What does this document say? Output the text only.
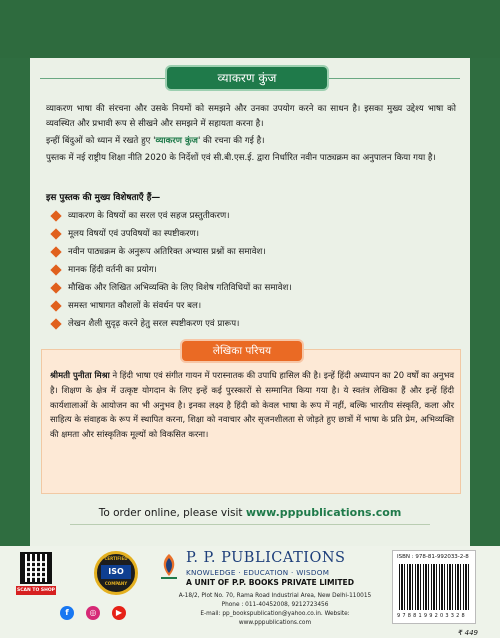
व्याकरण कुंज

व्याकरण भाषा की संरचना और उसके नियमों को समझने और उनका उपयोग करने का साधन है। इसका मुख्य उद्देश्य भाषा को व्यवस्थित और प्रभावी रूप से सीखने और समझने में सहायता करना है।

इन्हीं बिंदुओं को ध्यान में रखते हुए 'व्याकरण कुंज' की रचना की गई है।

पुस्तक में नई राष्ट्रीय शिक्षा नीति 2020 के निर्देशों एवं सी.बी.एस.ई. द्वारा निर्धारित नवीन पाठ्यक्रम का अनुपालन किया गया है।

इस पुस्तक की मुख्य विशेषताएँ हैं—
व्याकरण के विषयों का सरल एवं सहज प्रस्तुतीकरण।
मूलय विषयों एवं उपविषयों का स्पष्टीकरण।
नवीन पाठ्यक्रम के अनुरूप अतिरिक्त अभ्यास प्रश्नों का समावेश।
मानक हिंदी वर्तनी का प्रयोग।
मौखिक और लिखित अभिव्यक्ति के लिए विशेष गतिविधियों का समावेश।
समस्त भाषागत कौशलों के संवर्धन पर बल।
लेखन शैली सुदृढ़ करने हेतु सरल स्पष्टीकरण एवं प्रारूप।
लेखिका परिचय
श्रीमती पुनीता मिश्रा ने हिंदी भाषा एवं संगीत गायन में परास्नातक की उपाधि हासिल की है। इन्हें हिंदी अध्यापन का 20 वर्षों का अनुभव है। शिक्षण के क्षेत्र में उत्कृष्ट योगदान के लिए इन्हें कई पुरस्कारों से सम्मानित किया गया है। ये स्वतंत्र लेखिका हैं और इन्हें हिंदी कार्यशालाओं के आयोजन का भी अनुभव है। इनका लक्ष्य है हिंदी को केवल भाषा के रूप में नहीं, बल्कि भारतीय संस्कृति, कला और साहित्य के संवाहक के रूप में स्थापित करना, शिक्षा को नवाचार और सृजनशीलता से जोड़ते हुए छात्रों में भाषा के प्रति प्रेम, अभिव्यक्ति की क्षमता और सांस्कृतिक मूल्यों को विकसित करना।
To order online, please visit www.pppublications.com
SCAN TO SHOP
CERTIFIED
ISO
COMPANY
f	◎	▶
P. P. PUBLICATIONS
KNOWLEDGE · EDUCATION · WISDOM
A UNIT OF P.P. BOOKS PRIVATE LIMITED
A-18/2, Plot No. 70, Rama Road Industrial Area, New Delhi-110015
Phone : 011-40452008, 9212723456
E-mail: pp_bookspublication@yahoo.co.in. Website: www.pppublications.com
ISBN : 978-81-992033-2-8
9 7 8 8 1 9 9 2 0 3 3 2 8
₹ 449
